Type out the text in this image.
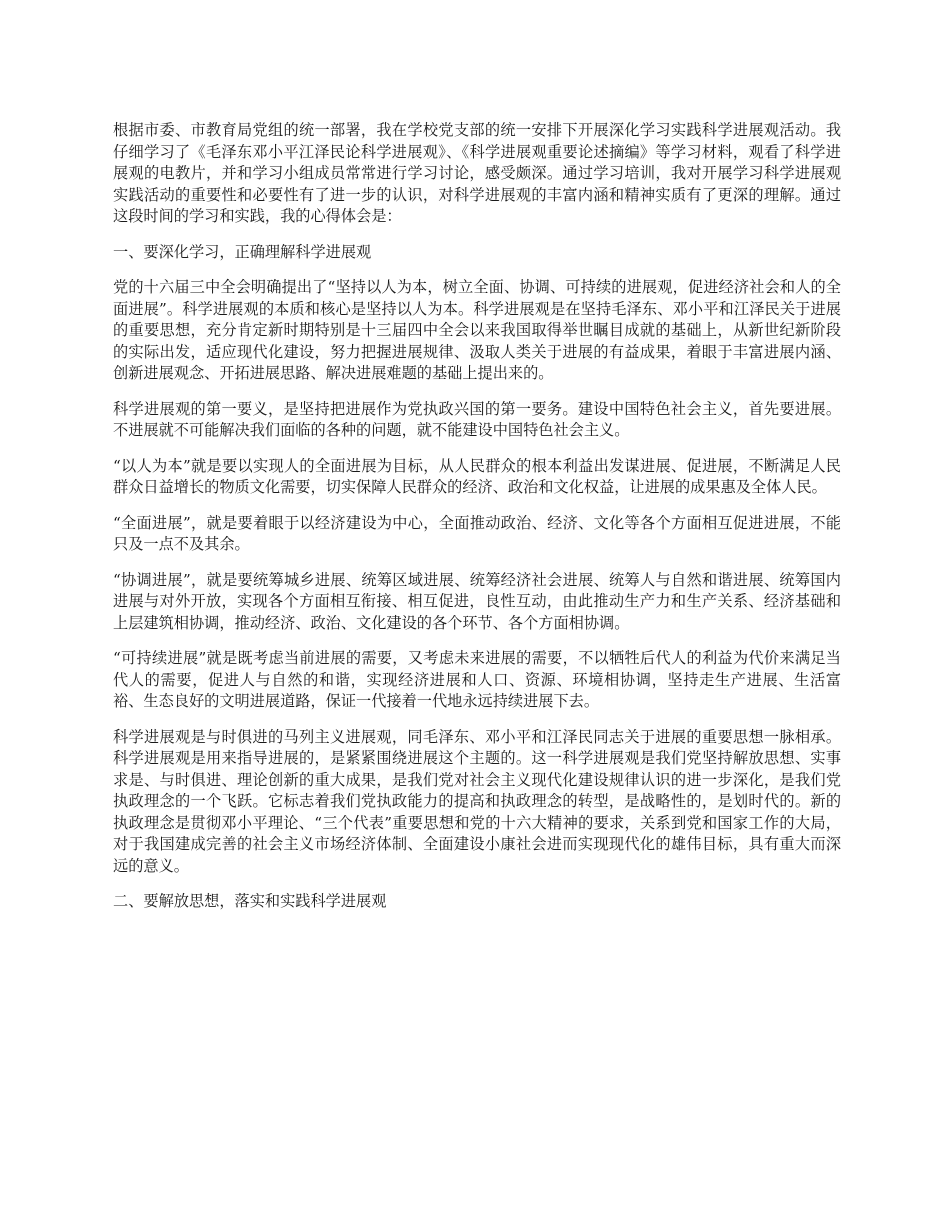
根据市委、市教育局党组的统一部署，我在学校党支部的统一安排下开展深化学习实践科学进展观活动。我仔细学习了《毛泽东邓小平江泽民论科学进展观》、《科学进展观重要论述摘编》等学习材料，观看了科学进展观的电教片，并和学习小组成员常常进行学习讨论，感受颇深。通过学习培训，我对开展学习科学进展观实践活动的重要性和必要性有了进一步的认识，对科学进展观的丰富内涵和精神实质有了更深的理解。通过这段时间的学习和实践，我的心得体会是：

一、要深化学习，正确理解科学进展观

党的十六届三中全会明确提出了“坚持以人为本，树立全面、协调、可持续的进展观，促进经济社会和人的全面进展”。科学进展观的本质和核心是坚持以人为本。科学进展观是在坚持毛泽东、邓小平和江泽民关于进展的重要思想，充分肯定新时期特别是十三届四中全会以来我国取得举世瞩目成就的基础上，从新世纪新阶段的实际出发，适应现代化建设，努力把握进展规律、汲取人类关于进展的有益成果，着眼于丰富进展内涵、创新进展观念、开拓进展思路、解决进展难题的基础上提出来的。

科学进展观的第一要义，是坚持把进展作为党执政兴国的第一要务。建设中国特色社会主义，首先要进展。不进展就不可能解决我们面临的各种的问题，就不能建设中国特色社会主义。

“以人为本”就是要以实现人的全面进展为目标，从人民群众的根本利益出发谋进展、促进展，不断满足人民群众日益增长的物质文化需要，切实保障人民群众的经济、政治和文化权益，让进展的成果惠及全体人民。

“全面进展”，就是要着眼于以经济建设为中心，全面推动政治、经济、文化等各个方面相互促进进展，不能只及一点不及其余。

“协调进展”，就是要统筹城乡进展、统筹区域进展、统筹经济社会进展、统筹人与自然和谐进展、统筹国内进展与对外开放，实现各个方面相互衔接、相互促进，良性互动，由此推动生产力和生产关系、经济基础和上层建筑相协调，推动经济、政治、文化建设的各个环节、各个方面相协调。

“可持续进展”就是既考虑当前进展的需要，又考虑未来进展的需要，不以牺牲后代人的利益为代价来满足当代人的需要，促进人与自然的和谐，实现经济进展和人口、资源、环境相协调，坚持走生产进展、生活富裕、生态良好的文明进展道路，保证一代接着一代地永远持续进展下去。

科学进展观是与时俱进的马列主义进展观，同毛泽东、邓小平和江泽民同志关于进展的重要思想一脉相承。科学进展观是用来指导进展的，是紧紧围绕进展这个主题的。这一科学进展观是我们党坚持解放思想、实事求是、与时俱进、理论创新的重大成果，是我们党对社会主义现代化建设规律认识的进一步深化，是我们党执政理念的一个飞跃。它标志着我们党执政能力的提高和执政理念的转型，是战略性的，是划时代的。新的执政理念是贯彻邓小平理论、“三个代表”重要思想和党的十六大精神的要求，关系到党和国家工作的大局，对于我国建成完善的社会主义市场经济体制、全面建设小康社会进而实现现代化的雄伟目标，具有重大而深远的意义。

二、要解放思想，落实和实践科学进展观
